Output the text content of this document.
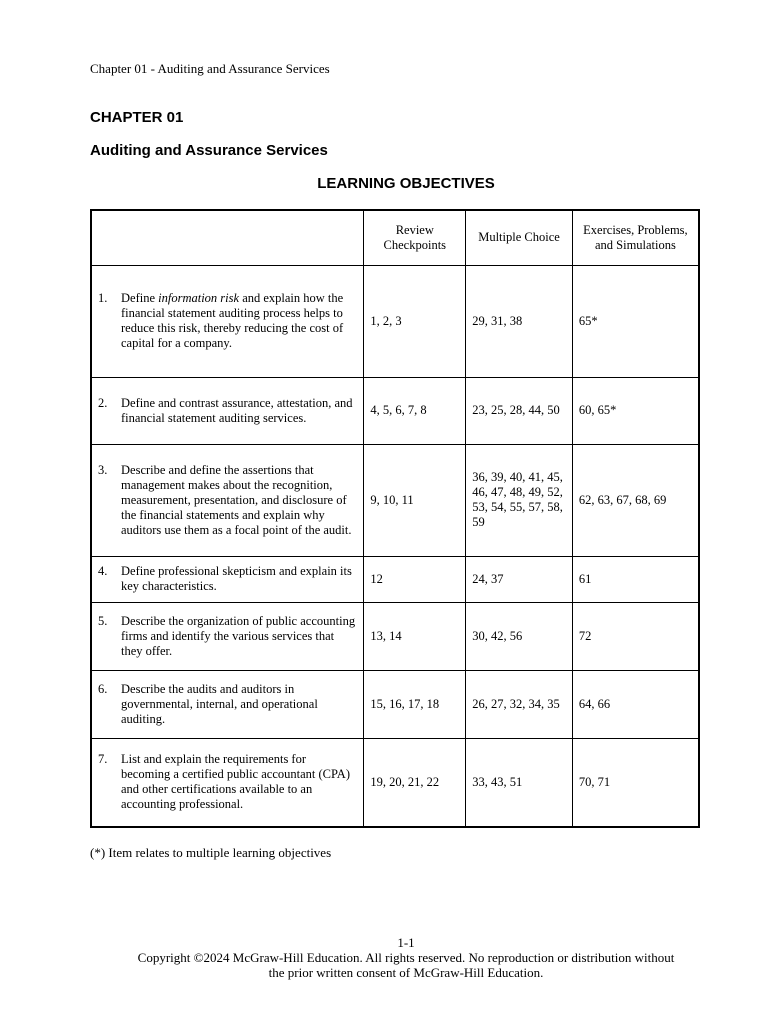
Chapter 01 - Auditing and Assurance Services
CHAPTER 01
Auditing and Assurance Services
LEARNING OBJECTIVES
	Review Checkpoints	Multiple Choice	Exercises, Problems, and Simulations

1. Define information risk and explain how the financial statement auditing process helps to reduce this risk, thereby reducing the cost of capital for a company.	1, 2, 3	29, 31, 38	65*

2. Define and contrast assurance, attestation, and financial statement auditing services.	4, 5, 6, 7, 8	23, 25, 28, 44, 50	60, 65*

3. Describe and define the assertions that management makes about the recognition, measurement, presentation, and disclosure of the financial statements and explain why auditors use them as a focal point of the audit.	9, 10, 11	36, 39, 40, 41, 45, 46, 47, 48, 49, 52, 53, 54, 55, 57, 58, 59	62, 63, 67, 68, 69

4. Define professional skepticism and explain its key characteristics.	12	24, 37	61

5. Describe the organization of public accounting firms and identify the various services that they offer.	13, 14	30, 42, 56	72

6. Describe the audits and auditors in governmental, internal, and operational auditing.	15, 16, 17, 18	26, 27, 32, 34, 35	64, 66

7. List and explain the requirements for becoming a certified public accountant (CPA) and other certifications available to an accounting professional.	19, 20, 21, 22	33, 43, 51	70, 71
(*) Item relates to multiple learning objectives
1-1
Copyright ©2024 McGraw-Hill Education. All rights reserved. No reproduction or distribution without the prior written consent of McGraw-Hill Education.
